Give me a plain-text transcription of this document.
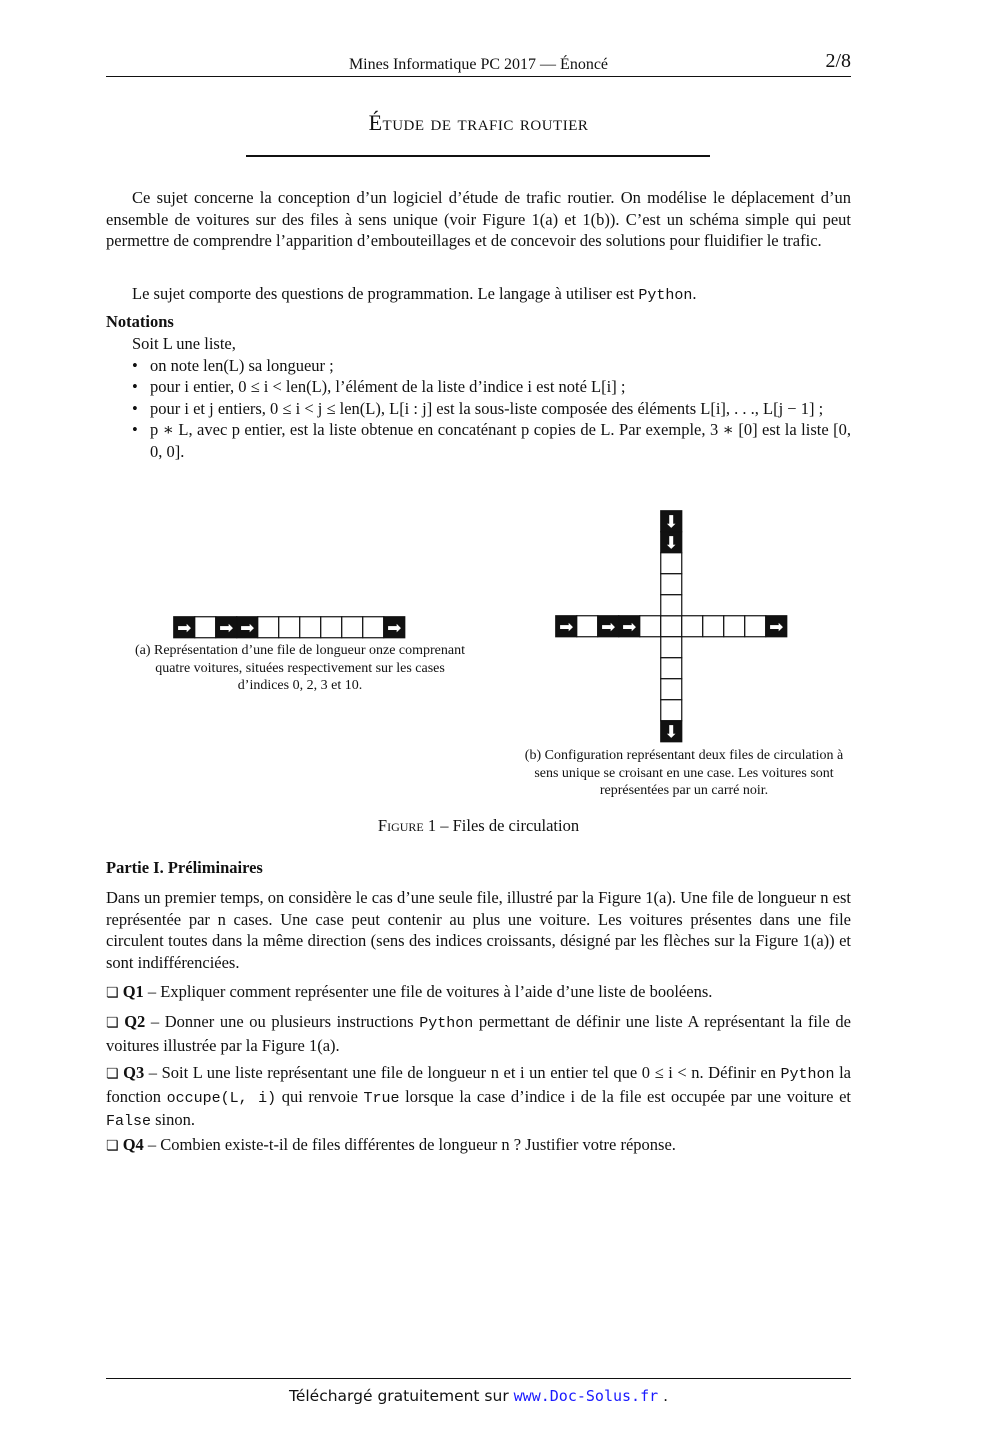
Mines Informatique PC 2017 — Énoncé	2/8
Étude de trafic routier
Ce sujet concerne la conception d’un logiciel d’étude de trafic routier. On modélise le déplacement d’un ensemble de voitures sur des files à sens unique (voir Figure 1(a) et 1(b)). C’est un schéma simple qui peut permettre de comprendre l’apparition d’embouteillages et de concevoir des solutions pour fluidifier le trafic.
Le sujet comporte des questions de programmation. Le langage à utiliser est Python.
Notations
Soit L une liste,
• on note len(L) sa longueur ;
• pour i entier, 0 ≤ i < len(L), l’élément de la liste d’indice i est noté L[i] ;
• pour i et j entiers, 0 ≤ i < j ≤ len(L), L[i : j] est la sous-liste composée des éléments L[i], . . ., L[j − 1] ;
• p ∗ L, avec p entier, est la liste obtenue en concaténant p copies de L. Par exemple, 3 ∗ [0] est la liste [0, 0, 0].
➡ ➡ ➡	➡
(a) Représentation d’une file de longueur onze comprenant quatre voitures, situées respectivement sur les cases d’indices 0, 2, 3 et 10.
➡ ➡ ➡	➡
⬇
⬇
⬇
(b) Configuration représentant deux files de circulation à sens unique se croisant en une case. Les voitures sont représentées par un carré noir.
Figure 1 – Files de circulation
Partie I. Préliminaires
Dans un premier temps, on considère le cas d’une seule file, illustré par la Figure 1(a). Une file de longueur n est représentée par n cases. Une case peut contenir au plus une voiture. Les voitures présentes dans une file circulent toutes dans la même direction (sens des indices croissants, désigné par les flèches sur la Figure 1(a)) et sont indifférenciées.
❏ Q1 – Expliquer comment représenter une file de voitures à l’aide d’une liste de booléens.
❏ Q2 – Donner une ou plusieurs instructions Python permettant de définir une liste A représentant la file de voitures illustrée par la Figure 1(a).
❏ Q3 – Soit L une liste représentant une file de longueur n et i un entier tel que 0 ≤ i < n. Définir en Python la fonction occupe(L, i) qui renvoie True lorsque la case d’indice i de la file est occupée par une voiture et False sinon.
❏ Q4 – Combien existe-t-il de files différentes de longueur n ? Justifier votre réponse.
Téléchargé gratuitement sur www.Doc-Solus.fr .
